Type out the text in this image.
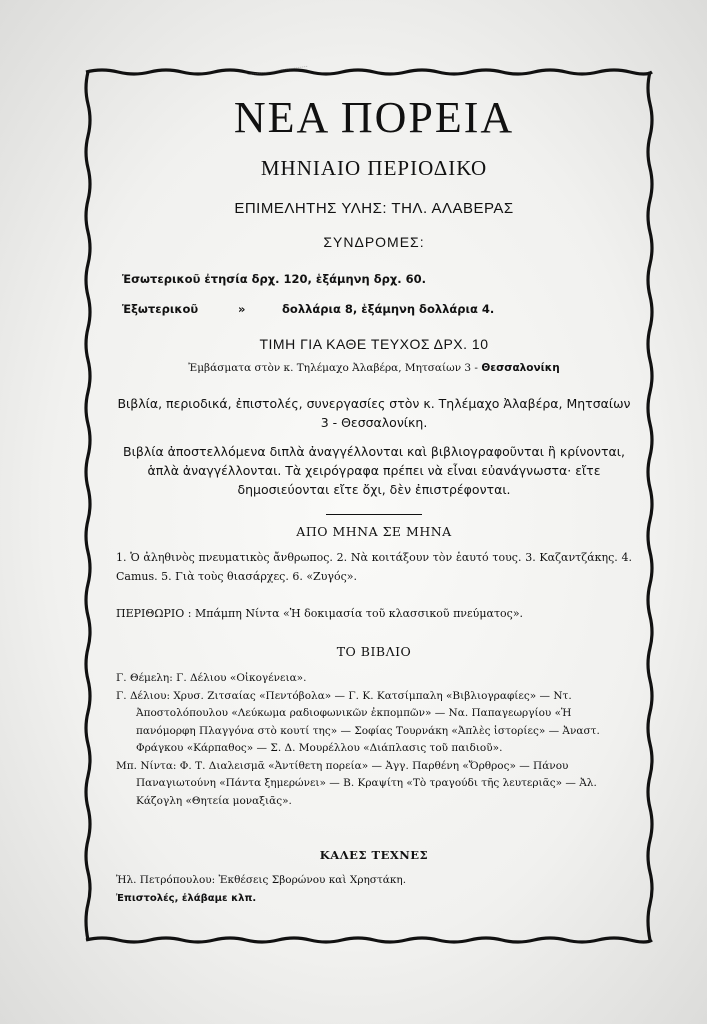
ΝΕΑ ΠΟΡΕΙΑ
ΜΗΝΙΑΙΟ ΠΕΡΙΟΔΙΚΟ
ΕΠΙΜΕΛΗΤΗΣ ΥΛΗΣ: ΤΗΛ. ΑΛΑΒΕΡΑΣ
ΣΥΝΔΡΟΜΕΣ:
Ἐσωτερικοῦ ἐτησία δρχ. 120, ἑξάμηνη δρχ. 60.
Ἐξωτερικοῦ	»	δολλάρια 8, ἑξάμηνη δολλάρια 4.
ΤΙΜΗ ΓΙΑ ΚΑΘΕ ΤΕΥΧΟΣ ΔΡΧ. 10
Ἐμβάσματα στὸν κ. Τηλέμαχο Ἀλαβέρα, Μητσαίων 3 - Θεσσαλονίκη
Βιβλία, περιοδικά, ἐπιστολές, συνεργασίες στὸν κ. Τηλέμαχο Ἀλαβέρα, Μητσαίων 3 - Θεσσαλονίκη.
Βιβλία ἀποστελλόμενα διπλὰ ἀναγγέλλονται καὶ βιβλιογραφοῦνται ἢ κρίνονται, ἁπλὰ ἀναγγέλλονται. Τὰ χειρόγραφα πρέπει νὰ εἶναι εὐανάγνωστα· εἴτε δημοσιεύονται εἴτε ὄχι, δὲν ἐπιστρέφονται.
ΑΠΟ ΜΗΝΑ ΣΕ ΜΗΝΑ
1. Ὁ ἀληθινὸς πνευματικὸς ἄνθρωπος. 2. Νὰ κοιτάξουν τὸν ἑαυτό τους. 3. Καζαντζάκης. 4. Camus. 5. Γιὰ τοὺς θιασάρχες. 6. «Ζυγός».
ΠΕΡΙΘΩΡΙΟ : Μπάμπη Νίντα «Ἡ δοκιμασία τοῦ κλασσικοῦ πνεύματος».
ΤΟ ΒΙΒΛΙΟ
Γ. Θέμελη: Γ. Δέλιου «Οἰκογένεια».
Γ. Δέλιου: Χρυσ. Ζιτσαίας «Πεντόβολα» — Γ. Κ. Κατσίμπαλη «Βιβλιογραφίες» — Ντ. Ἀποστολόπουλου «Λεύκωμα ραδιοφωνικῶν ἐκπομπῶν» — Να. Παπαγεωργίου «Ἡ πανόμορφη Πλαγγόνα στὸ κουτί της» — Σοφίας Τουρνάκη «Ἀπλὲς ἱστορίες» — Ἀναστ. Φράγκου «Κάρπαθος» — Σ. Δ. Μουρέλλου «Διάπλασις τοῦ παιδιοῦ».
Μπ. Νίντα: Φ. Τ. Διαλεισμᾶ «Ἀντίθετη πορεία» — Ἀγγ. Παρθένη «Ὄρθρος» — Πάνου Παναγιωτούνη «Πάντα ξημερώνει» — Β. Κραψίτη «Τὸ τραγούδι τῆς λευτεριᾶς» — Ἀλ. Κάζογλη «Θητεία μοναξιᾶς».
ΚΑΛΕΣ ΤΕΧΝΕΣ
Ἠλ. Πετρόπουλου: Ἐκθέσεις Σβορώνου καὶ Χρηστάκη.
Ἐπιστολές, ἐλάβαμε κλπ.
